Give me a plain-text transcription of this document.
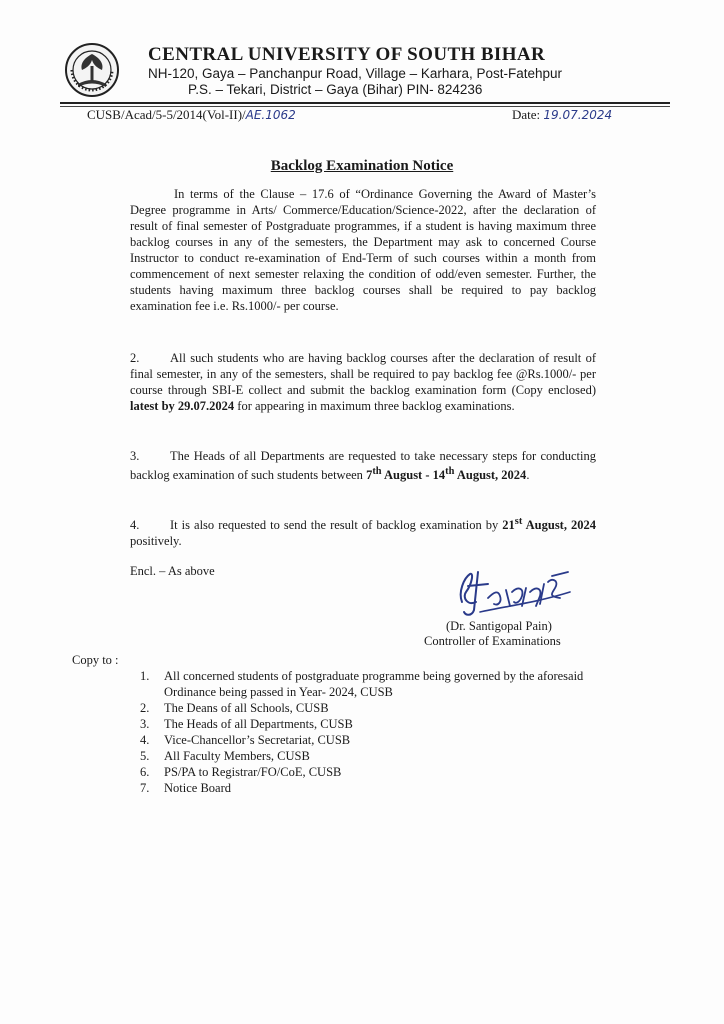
CENTRAL UNIVERSITY OF SOUTH BIHAR
NH-120, Gaya – Panchanpur Road, Village – Karhara, Post-Fatehpur
P.S. – Tekari, District – Gaya (Bihar) PIN- 824236
CUSB/Acad/5-5/2014(Vol-II)/AE.1062	Date: 19.07.2024
Backlog Examination Notice
In terms of the Clause – 17.6 of “Ordinance Governing the Award of Master’s Degree programme in Arts/ Commerce/Education/Science-2022, after the declaration of result of final semester of Postgraduate programmes, if a student is having maximum three backlog courses in any of the semesters, the Department may ask to concerned Course Instructor to conduct re-examination of End-Term of such courses within a month from commencement of next semester relaxing the condition of odd/even semester. Further, the students having maximum three backlog courses shall be required to pay backlog examination fee i.e. Rs.1000/- per course.
2. All such students who are having backlog courses after the declaration of result of final semester, in any of the semesters, shall be required to pay backlog fee @Rs.1000/- per course through SBI-E collect and submit the backlog examination form (Copy enclosed) latest by 29.07.2024 for appearing in maximum three backlog examinations.
3. The Heads of all Departments are requested to take necessary steps for conducting backlog examination of such students between 7th August - 14th August, 2024.
4. It is also requested to send the result of backlog examination by 21st August, 2024 positively.
Encl. – As above
(Dr. Santigopal Pain)
Controller of Examinations
Copy to :
1.	All concerned students of postgraduate programme being governed by the aforesaid Ordinance being passed in Year- 2024, CUSB
2.	The Deans of all Schools, CUSB
3.	The Heads of all Departments, CUSB
4.	Vice-Chancellor’s Secretariat, CUSB
5.	All Faculty Members, CUSB
6.	PS/PA to Registrar/FO/CoE, CUSB
7.	Notice Board
